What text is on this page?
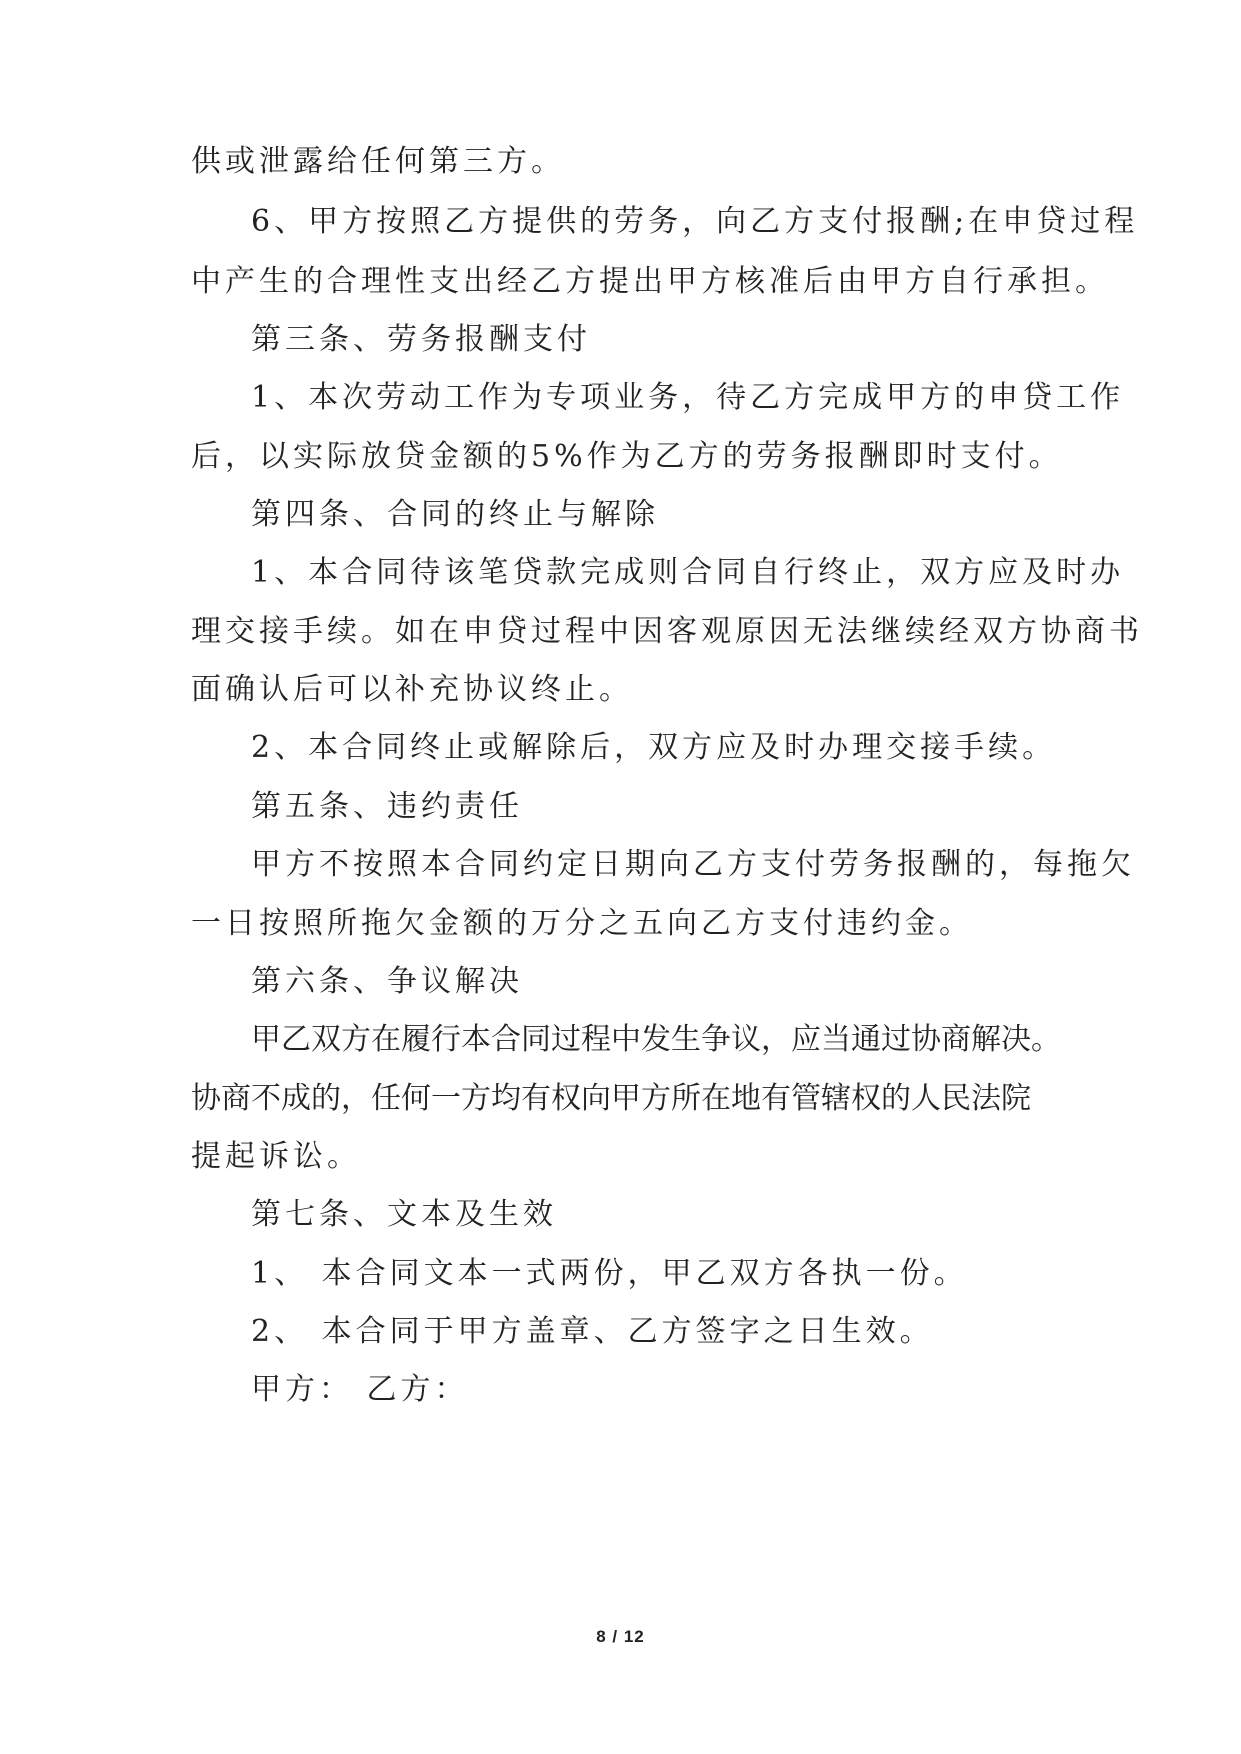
供或泄露给任何第三方。
6、甲方按照乙方提供的劳务，向乙方支付报酬;在申贷过程
中产生的合理性支出经乙方提出甲方核准后由甲方自行承担。
第三条、劳务报酬支付
1、本次劳动工作为专项业务，待乙方完成甲方的申贷工作
后，以实际放贷金额的5%作为乙方的劳务报酬即时支付。
第四条、合同的终止与解除
1、本合同待该笔贷款完成则合同自行终止，双方应及时办
理交接手续。如在申贷过程中因客观原因无法继续经双方协商书
面确认后可以补充协议终止。
2、本合同终止或解除后，双方应及时办理交接手续。
第五条、违约责任
甲方不按照本合同约定日期向乙方支付劳务报酬的，每拖欠
一日按照所拖欠金额的万分之五向乙方支付违约金。
第六条、争议解决
甲乙双方在履行本合同过程中发生争议，应当通过协商解决。
协商不成的，任何一方均有权向甲方所在地有管辖权的人民法院
提起诉讼。
第七条、文本及生效
1、 本合同文本一式两份，甲乙双方各执一份。
2、 本合同于甲方盖章、乙方签字之日生效。
甲方： 乙方：
8 / 12
